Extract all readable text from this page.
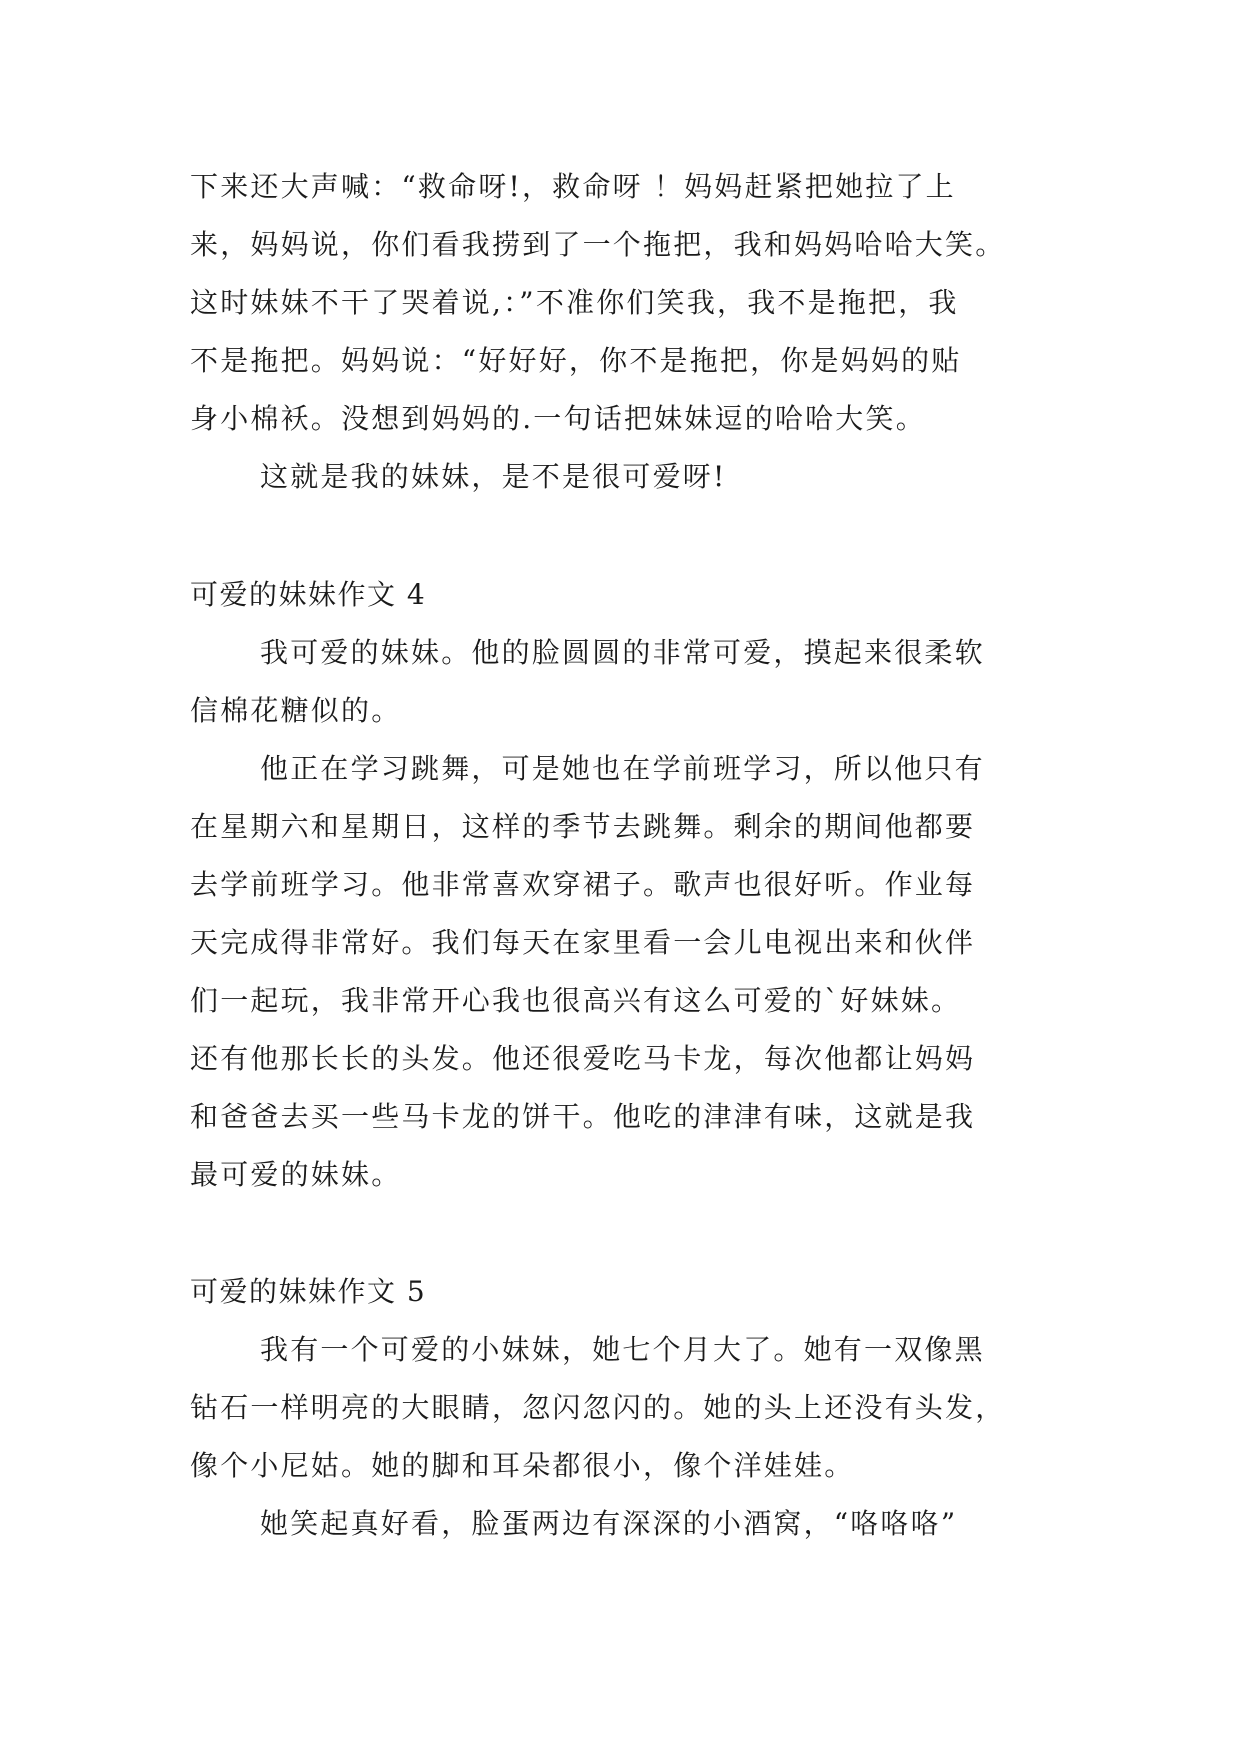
下来还大声喊：“救命呀!，救命呀 ！妈妈赶紧把她拉了上
来，妈妈说，你们看我捞到了一个拖把，我和妈妈哈哈大笑。
这时妹妹不干了哭着说,：”不准你们笑我，我不是拖把，我
不是拖把。妈妈说：“好好好，你不是拖把，你是妈妈的贴
身小棉袄。没想到妈妈的.一句话把妹妹逗的哈哈大笑。
这就是我的妹妹，是不是很可爱呀!
可爱的妹妹作文 4
我可爱的妹妹。他的脸圆圆的非常可爱，摸起来很柔软
信棉花糖似的。
他正在学习跳舞，可是她也在学前班学习，所以他只有
在星期六和星期日，这样的季节去跳舞。剩余的期间他都要
去学前班学习。他非常喜欢穿裙子。歌声也很好听。作业每
天完成得非常好。我们每天在家里看一会儿电视出来和伙伴
们一起玩，我非常开心我也很高兴有这么可爱的`好妹妹。
还有他那长长的头发。他还很爱吃马卡龙，每次他都让妈妈
和爸爸去买一些马卡龙的饼干。他吃的津津有味，这就是我
最可爱的妹妹。
可爱的妹妹作文 5
我有一个可爱的小妹妹，她七个月大了。她有一双像黑
钻石一样明亮的大眼睛，忽闪忽闪的。她的头上还没有头发，
像个小尼姑。她的脚和耳朵都很小，像个洋娃娃。
她笑起真好看，脸蛋两边有深深的小酒窝，“咯咯咯”
